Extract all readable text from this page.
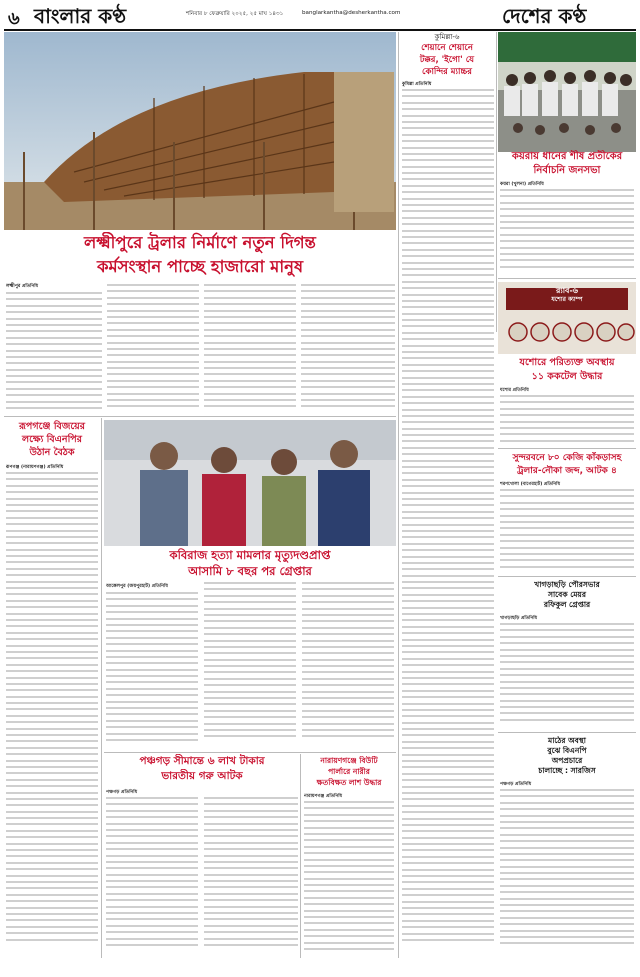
৬ বাংলার কণ্ঠ	শনিবার ৮ ফেব্রুয়ারি ২০২৫, ২৫ মাঘ ১৪৩১	banglarkantha@desherkantha.com	দেশের কণ্ঠ
লক্ষ্মীপুরে ট্রলার নির্মাণে নতুন দিগন্ত
কর্মসংস্থান পাচ্ছে হাজারো মানুষ
লক্ষ্মীপুর প্রতিনিধি
রূপগঞ্জে বিজয়ের
লক্ষ্যে বিএনপির
উঠান বৈঠক
রূপগঞ্জ (নারায়ণগঞ্জ) প্রতিনিধি
কবিরাজ হত্যা মামলার মৃত্যুদণ্ডপ্রাপ্ত
আসামি ৮ বছর পর গ্রেপ্তার
আক্কেলপুর (জয়পুরহাট) প্রতিনিধি
পঞ্চগড় সীমান্তে ৬ লাখ টাকার
ভারতীয় গরু আটক
পঞ্চগড় প্রতিনিধি
নারায়ণগঞ্জে বিউটি
পার্লারে নারীর
ক্ষতবিক্ষত লাশ উদ্ধার
নারায়ণগঞ্জ প্রতিনিধি
কুমিল্লা-৬
শেয়ানে শেয়ানে
টক্কর, 'ইগো' যে
কোন্দির ম্যাচ্চর
কুমিল্লা প্রতিনিধি
কয়রায় ধানের শীষ প্রতীকের নির্বাচনি জনসভা
কয়রা (খুলনা) প্রতিনিধি
র‍্যাব-৬
যশোর ক্যাম্প
যশোরে পরিত্যক্ত অবস্থায়
১১ ককটেল উদ্ধার
যশোর প্রতিনিধি
সুন্দরবনে ৮০ কেজি কাঁকড়াসহ
ট্রলার-নৌকা জব্দ, আটক ৪
শরণখোলা (বাগেরহাট) প্রতিনিধি
খাগড়াছড়ি পৌরসভার
সাবেক মেয়র
রফিকুল গ্রেপ্তার
খাগড়াছড়ি প্রতিনিধি
মাঠের অবস্থা
বুঝে বিএনপি
অপপ্রচারে
চালাচ্ছে : সারজিস
পঞ্চগড় প্রতিনিধি
